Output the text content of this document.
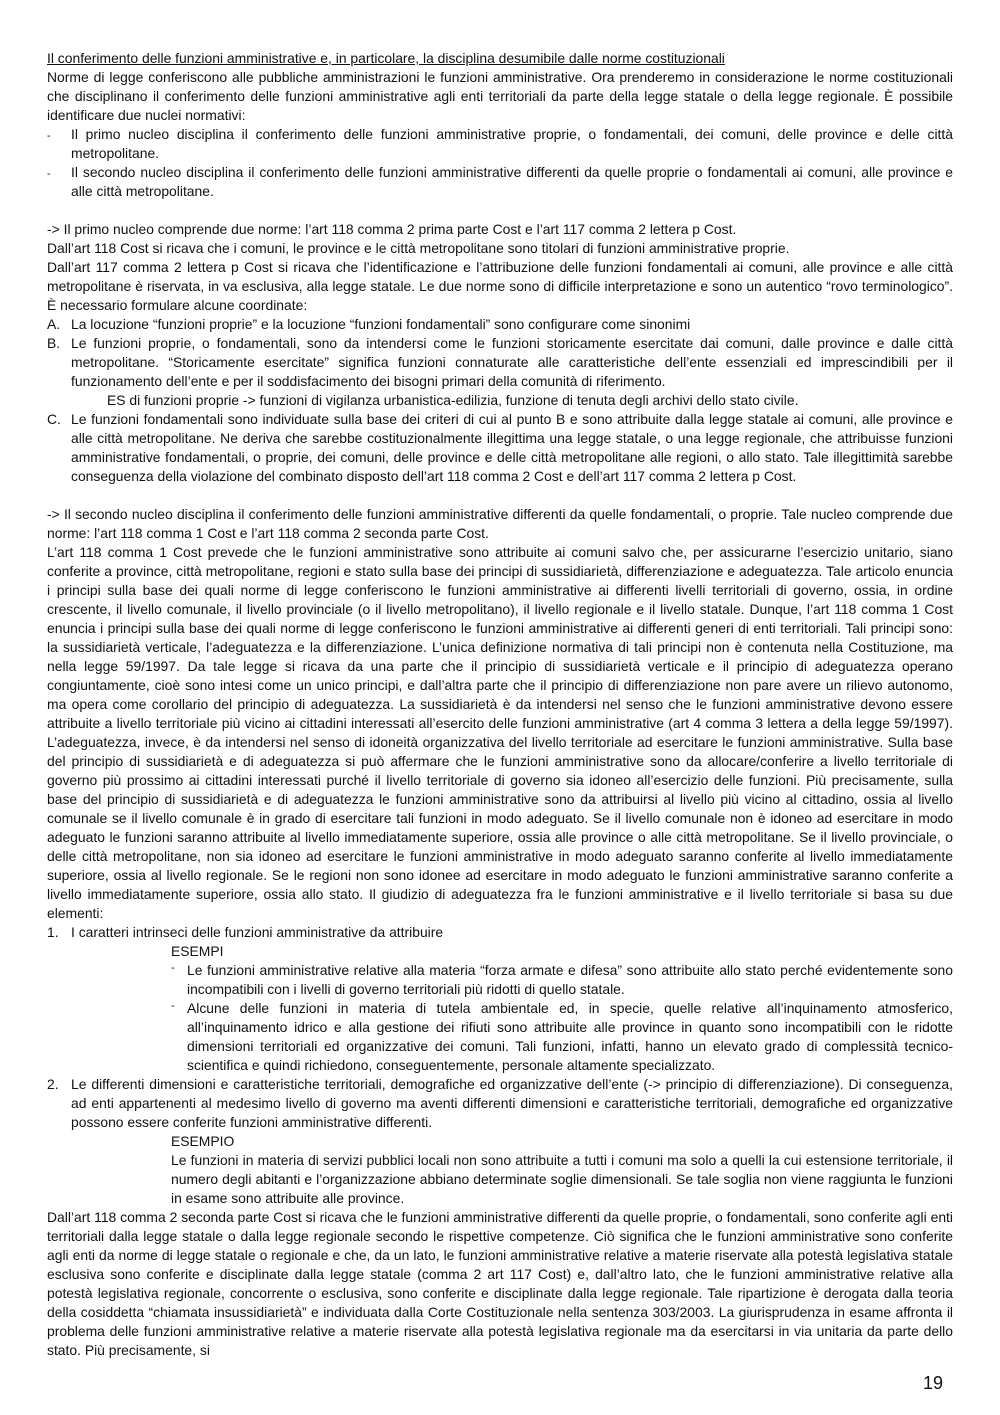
Il conferimento delle funzioni amministrative e, in particolare, la disciplina desumibile dalle norme costituzionali

Norme di legge conferiscono alle pubbliche amministrazioni le funzioni amministrative. Ora prenderemo in considerazione le norme costituzionali che disciplinano il conferimento delle funzioni amministrative agli enti territoriali da parte della legge statale o della legge regionale. È possibile identificare due nuclei normativi:

-	Il primo nucleo disciplina il conferimento delle funzioni amministrative proprie, o fondamentali, dei comuni, delle province e delle città metropolitane.
-	Il secondo nucleo disciplina il conferimento delle funzioni amministrative differenti da quelle proprie o fondamentali ai comuni, alle province e alle città metropolitane.

-> Il primo nucleo comprende due norme: l’art 118 comma 2 prima parte Cost e l’art 117 comma 2 lettera p Cost.

Dall’art 118 Cost si ricava che i comuni, le province e le città metropolitane sono titolari di funzioni amministrative proprie.

Dall’art 117 comma 2 lettera p Cost si ricava che l’identificazione e l’attribuzione delle funzioni fondamentali ai comuni, alle province e alle città metropolitane è riservata, in va esclusiva, alla legge statale. Le due norme sono di difficile interpretazione e sono un autentico “rovo terminologico”. È necessario formulare alcune coordinate:

A. La locuzione “funzioni proprie” e la locuzione “funzioni fondamentali” sono configurare come sinonimi
B. Le funzioni proprie, o fondamentali, sono da intendersi come le funzioni storicamente esercitate dai comuni, dalle province e dalle città metropolitane. “Storicamente esercitate” significa funzioni connaturate alle caratteristiche dell’ente essenziali ed imprescindibili per il funzionamento dell’ente e per il soddisfacimento dei bisogni primari della comunità di riferimento.

ES di funzioni proprie -> funzioni di vigilanza urbanistica-edilizia, funzione di tenuta degli archivi dello stato civile.

C. Le funzioni fondamentali sono individuate sulla base dei criteri di cui al punto B e sono attribuite dalla legge statale ai comuni, alle province e alle città metropolitane. Ne deriva che sarebbe costituzionalmente illegittima una legge statale, o una legge regionale, che attribuisse funzioni amministrative fondamentali, o proprie, dei comuni, delle province e delle città metropolitane alle regioni, o allo stato. Tale illegittimità sarebbe conseguenza della violazione del combinato disposto dell’art 118 comma 2 Cost e dell’art 117 comma 2 lettera p Cost.

-> Il secondo nucleo disciplina il conferimento delle funzioni amministrative differenti da quelle fondamentali, o proprie. Tale nucleo comprende due norme: l’art 118 comma 1 Cost e l’art 118 comma 2 seconda parte Cost.

L’art 118 comma 1 Cost prevede che le funzioni amministrative sono attribuite ai comuni salvo che, per assicurarne l’esercizio unitario, siano conferite a province, città metropolitane, regioni e stato sulla base dei principi di sussidiarietà, differenziazione e adeguatezza. Tale articolo enuncia i principi sulla base dei quali norme di legge conferiscono le funzioni amministrative ai differenti livelli territoriali di governo, ossia, in ordine crescente, il livello comunale, il livello provinciale (o il livello metropolitano), il livello regionale e il livello statale. Dunque, l’art 118 comma 1 Cost enuncia i principi sulla base dei quali norme di legge conferiscono le funzioni amministrative ai differenti generi di enti territoriali. Tali principi sono: la sussidiarietà verticale, l’adeguatezza e la differenziazione. L’unica definizione normativa di tali principi non è contenuta nella Costituzione, ma nella legge 59/1997. Da tale legge si ricava da una parte che il principio di sussidiarietà verticale e il principio di adeguatezza operano congiuntamente, cioè sono intesi come un unico principi, e dall’altra parte che il principio di differenziazione non pare avere un rilievo autonomo, ma opera come corollario del principio di adeguatezza. La sussidiarietà è da intendersi nel senso che le funzioni amministrative devono essere attribuite a livello territoriale più vicino ai cittadini interessati all’esercito delle funzioni amministrative (art 4 comma 3 lettera a della legge 59/1997). L’adeguatezza, invece, è da intendersi nel senso di idoneità organizzativa del livello territoriale ad esercitare le funzioni amministrative. Sulla base del principio di sussidiarietà e di adeguatezza si può affermare che le funzioni amministrative sono da allocare/conferire a livello territoriale di governo più prossimo ai cittadini interessati purché il livello territoriale di governo sia idoneo all’esercizio delle funzioni. Più precisamente, sulla base del principio di sussidiarietà e di adeguatezza le funzioni amministrative sono da attribuirsi al livello più vicino al cittadino, ossia al livello comunale se il livello comunale è in grado di esercitare tali funzioni in modo adeguato. Se il livello comunale non è idoneo ad esercitare in modo adeguato le funzioni saranno attribuite al livello immediatamente superiore, ossia alle province o alle città metropolitane. Se il livello provinciale, o delle città metropolitane, non sia idoneo ad esercitare le funzioni amministrative in modo adeguato saranno conferite al livello immediatamente superiore, ossia al livello regionale. Se le regioni non sono idonee ad esercitare in modo adeguato le funzioni amministrative saranno conferite a livello immediatamente superiore, ossia allo stato. Il giudizio di adeguatezza fra le funzioni amministrative e il livello territoriale si basa su due elementi:

1. I caratteri intrinseci delle funzioni amministrative da attribuire

ESEMPI

- Le funzioni amministrative relative alla materia “forza armate e difesa” sono attribuite allo stato perché evidentemente sono incompatibili con i livelli di governo territoriali più ridotti di quello statale.
- Alcune delle funzioni in materia di tutela ambientale ed, in specie, quelle relative all’inquinamento atmosferico, all’inquinamento idrico e alla gestione dei rifiuti sono attribuite alle province in quanto sono incompatibili con le ridotte dimensioni territoriali ed organizzative dei comuni. Tali funzioni, infatti, hanno un elevato grado di complessità tecnico-scientifica e quindi richiedono, conseguentemente, personale altamente specializzato.
2. Le differenti dimensioni e caratteristiche territoriali, demografiche ed organizzative dell’ente (-> principio di differenziazione). Di conseguenza, ad enti appartenenti al medesimo livello di governo ma aventi differenti dimensioni e caratteristiche territoriali, demografiche ed organizzative possono essere conferite funzioni amministrative differenti.

ESEMPIO

Le funzioni in materia di servizi pubblici locali non sono attribuite a tutti i comuni ma solo a quelli la cui estensione territoriale, il numero degli abitanti e l’organizzazione abbiano determinate soglie dimensionali. Se tale soglia non viene raggiunta le funzioni in esame sono attribuite alle province.

Dall’art 118 comma 2 seconda parte Cost si ricava che le funzioni amministrative differenti da quelle proprie, o fondamentali, sono conferite agli enti territoriali dalla legge statale o dalla legge regionale secondo le rispettive competenze. Ciò significa che le funzioni amministrative sono conferite agli enti da norme di legge statale o regionale e che, da un lato, le funzioni amministrative relative a materie riservate alla potestà legislativa statale esclusiva sono conferite e disciplinate dalla legge statale (comma 2 art 117 Cost) e, dall’altro lato, che le funzioni amministrative relative alla potestà legislativa regionale, concorrente o esclusiva, sono conferite e disciplinate dalla legge regionale. Tale ripartizione è derogata dalla teoria della cosiddetta “chiamata insussidiarietà” e individuata dalla Corte Costituzionale nella sentenza 303/2003. La giurisprudenza in esame affronta il problema delle funzioni amministrative relative a materie riservate alla potestà legislativa regionale ma da esercitarsi in via unitaria da parte dello stato. Più precisamente, si

19
